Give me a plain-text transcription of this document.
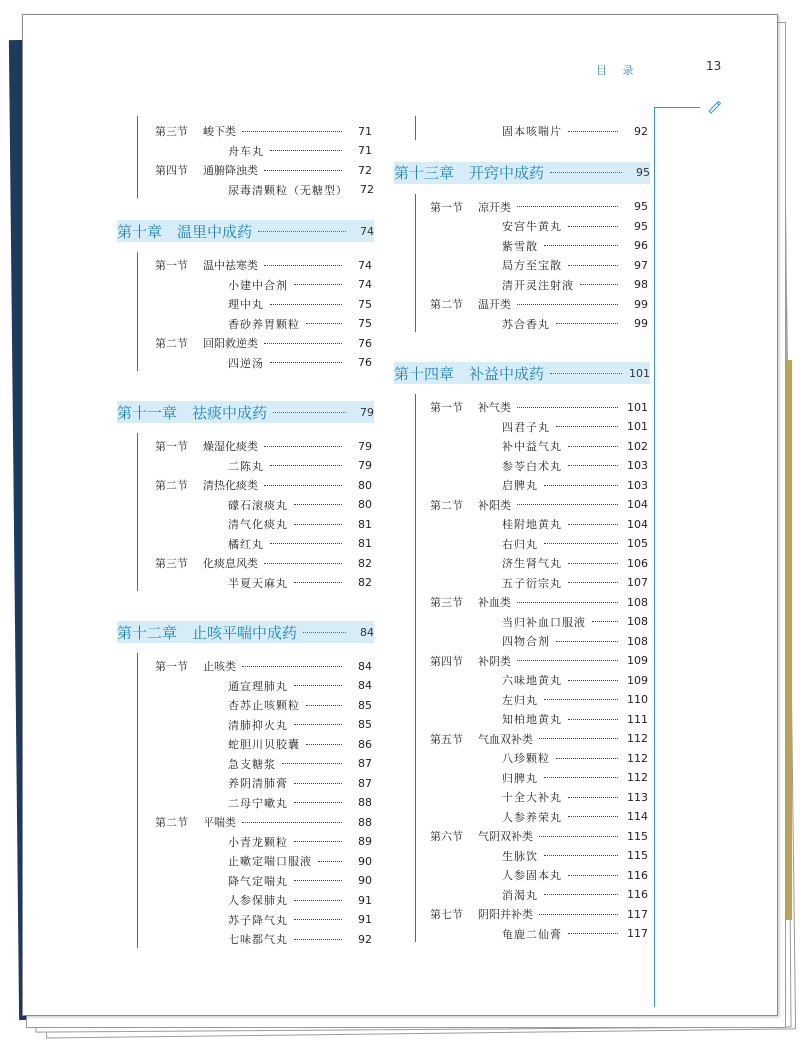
目 录	13
第三节	峻下类	71
舟车丸	71
第四节	通腑降浊类	72
尿毒清颗粒（无糖型） 72
第十章　温里中成药	74
第一节	温中祛寒类	74
小建中合剂	74
理中丸	75
香砂养胃颗粒	75
第二节	回阳救逆类	76
四逆汤	76
第十一章　祛痰中成药	79
第一节	燥湿化痰类	79
二陈丸	79
第二节	清热化痰类	80
礞石滚痰丸	80
清气化痰丸	81
橘红丸	81
第三节	化痰息风类	82
半夏天麻丸	82
第十二章　止咳平喘中成药	84
第一节	止咳类	84
通宣理肺丸	84
杏苏止咳颗粒	85
清肺抑火丸	85
蛇胆川贝胶囊	86
急支糖浆	87
养阴清肺膏	87
二母宁嗽丸	88
第二节	平喘类	88
小青龙颗粒	89
止嗽定喘口服液	90
降气定喘丸	90
人参保肺丸	91
苏子降气丸	91
七味都气丸	92
固本咳喘片	92
第十三章　开窍中成药	95
第一节	凉开类	95
安宫牛黄丸	95
紫雪散	96
局方至宝散	97
清开灵注射液	98
第二节	温开类	99
苏合香丸	99
第十四章　补益中成药	101
第一节	补气类	101
四君子丸	101
补中益气丸	102
参苓白术丸	103
启脾丸	103
第二节	补阳类	104
桂附地黄丸	104
右归丸	105
济生肾气丸	106
五子衍宗丸	107
第三节	补血类	108
当归补血口服液	108
四物合剂	108
第四节	补阴类	109
六味地黄丸	109
左归丸	110
知柏地黄丸	111
第五节	气血双补类	112
八珍颗粒	112
归脾丸	112
十全大补丸	113
人参养荣丸	114
第六节	气阴双补类	115
生脉饮	115
人参固本丸	116
消渴丸	116
第七节	阴阳并补类	117
龟鹿二仙膏	117
